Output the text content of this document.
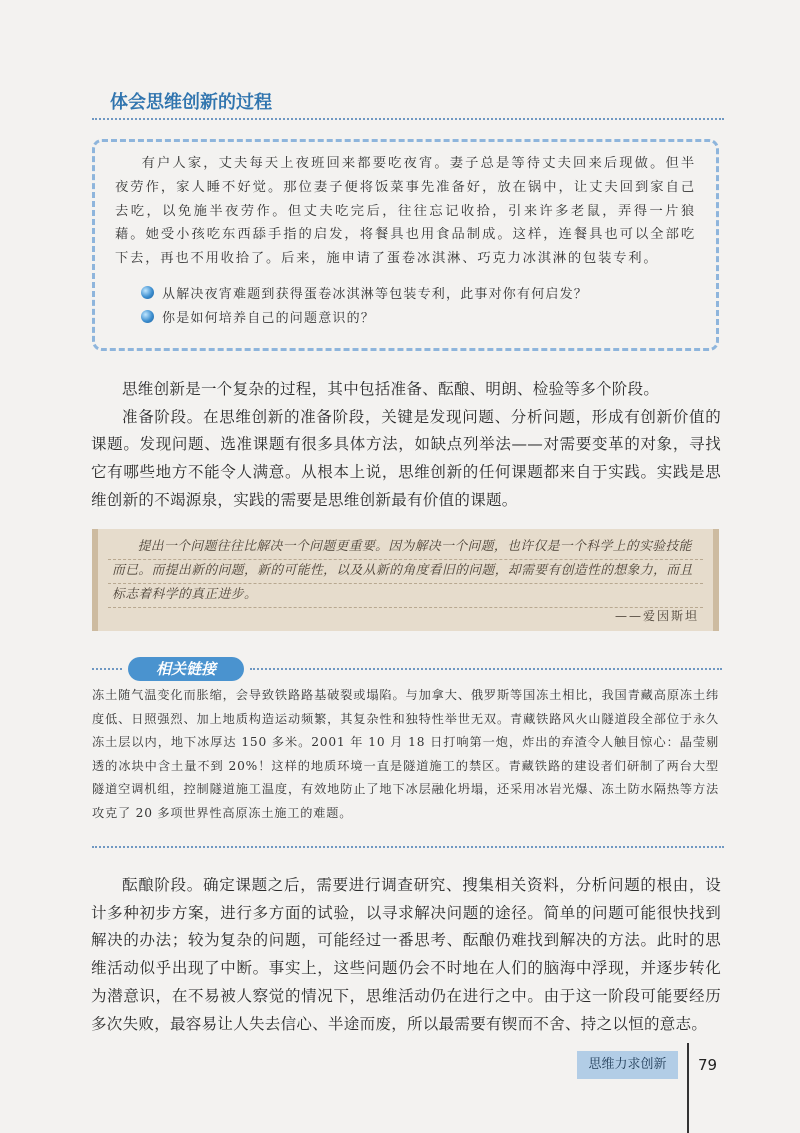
体会思维创新的过程
有户人家，丈夫每天上夜班回来都要吃夜宵。妻子总是等待丈夫回来后现做。但半夜劳作，家人睡不好觉。那位妻子便将饭菜事先准备好，放在锅中，让丈夫回到家自己去吃，以免施半夜劳作。但丈夫吃完后，往往忘记收拾，引来许多老鼠，弄得一片狼藉。她受小孩吃东西舔手指的启发，将餐具也用食品制成。这样，连餐具也可以全部吃下去，再也不用收拾了。后来，施申请了蛋卷冰淇淋、巧克力冰淇淋的包装专利。
从解决夜宵难题到获得蛋卷冰淇淋等包装专利，此事对你有何启发？
你是如何培养自己的问题意识的？

思维创新是一个复杂的过程，其中包括准备、酝酿、明朗、检验等多个阶段。

准备阶段。在思维创新的准备阶段，关键是发现问题、分析问题，形成有创新价值的课题。发现问题、选准课题有很多具体方法，如缺点列举法——对需要变革的对象，寻找它有哪些地方不能令人满意。从根本上说，思维创新的任何课题都来自于实践。实践是思维创新的不竭源泉，实践的需要是思维创新最有价值的课题。

提出一个问题往往比解决一个问题更重要。因为解决一个问题，也许仅是一个科学上的实验技能而已。而提出新的问题，新的可能性，以及从新的角度看旧的问题，却需要有创造性的想象力，而且标志着科学的真正进步。
——爱因斯坦
相关链接
冻土随气温变化而胀缩，会导致铁路路基破裂或塌陷。与加拿大、俄罗斯等国冻土相比，我国青藏高原冻土纬度低、日照强烈、加上地质构造运动频繁，其复杂性和独特性举世无双。青藏铁路风火山隧道段全部位于永久冻土层以内，地下冰厚达 150 多米。2001 年 10 月 18 日打响第一炮，炸出的弃渣令人触目惊心：晶莹剔透的冰块中含土量不到 20%！这样的地质环境一直是隧道施工的禁区。青藏铁路的建设者们研制了两台大型隧道空调机组，控制隧道施工温度，有效地防止了地下冰层融化坍塌，还采用冰岩光爆、冻土防水隔热等方法攻克了 20 多项世界性高原冻土施工的难题。

酝酿阶段。确定课题之后，需要进行调查研究、搜集相关资料，分析问题的根由，设计多种初步方案，进行多方面的试验，以寻求解决问题的途径。简单的问题可能很快找到解决的办法；较为复杂的问题，可能经过一番思考、酝酿仍难找到解决的方法。此时的思维活动似乎出现了中断。事实上，这些问题仍会不时地在人们的脑海中浮现，并逐步转化为潜意识，在不易被人察觉的情况下，思维活动仍在进行之中。由于这一阶段可能要经历多次失败，最容易让人失去信心、半途而废，所以最需要有锲而不舍、持之以恒的意志。

思维力求创新	79
